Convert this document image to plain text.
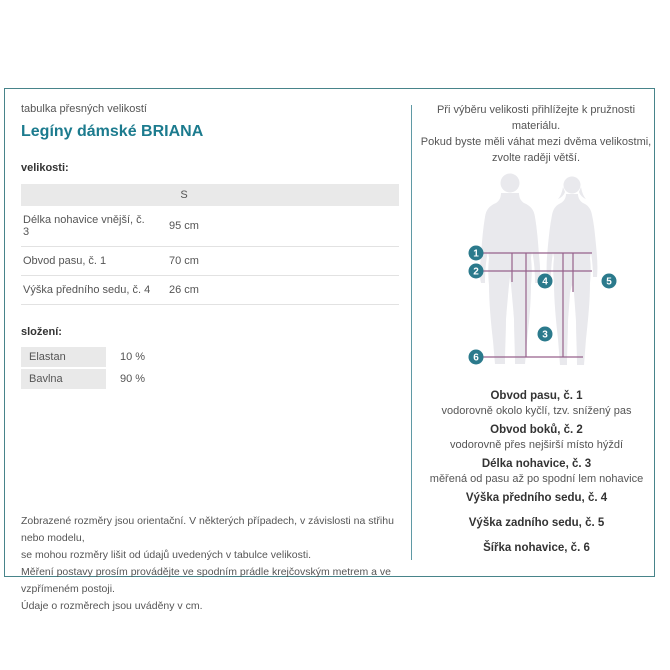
tabulka přesných velikostí
Legíny dámské BRIANA
velikosti:
	S	
Délka nohavice vnější, č. 3	95 cm	
Obvod pasu, č. 1	70 cm	
Výška předního sedu, č. 4	26 cm	
složení:
Elastan	10 %
Bavlna	90 %
Zobrazené rozměry jsou orientační. V některých případech, v závislosti na střihu nebo modelu,
se mohou rozměry lišit od údajů uvedených v tabulce velikosti.
Měření postavy prosím provádějte ve spodním prádle krejčovským metrem a ve vzpřímeném postoji.
Údaje o rozměrech jsou uváděny v cm.
Při výběru velikosti přihlížejte k pružnosti materiálu.
Pokud byste měli váhat mezi dvěma velikostmi,
zvolte raději větší.
1
2
4	5
3
6
Obvod pasu, č. 1
vodorovně okolo kyčlí, tzv. snížený pas
Obvod boků, č. 2
vodorovně přes nejširší místo hýždí
Délka nohavice, č. 3
měřená od pasu až po spodní lem nohavice
Výška předního sedu, č. 4
Výška zadního sedu, č. 5
Šířka nohavice, č. 6
